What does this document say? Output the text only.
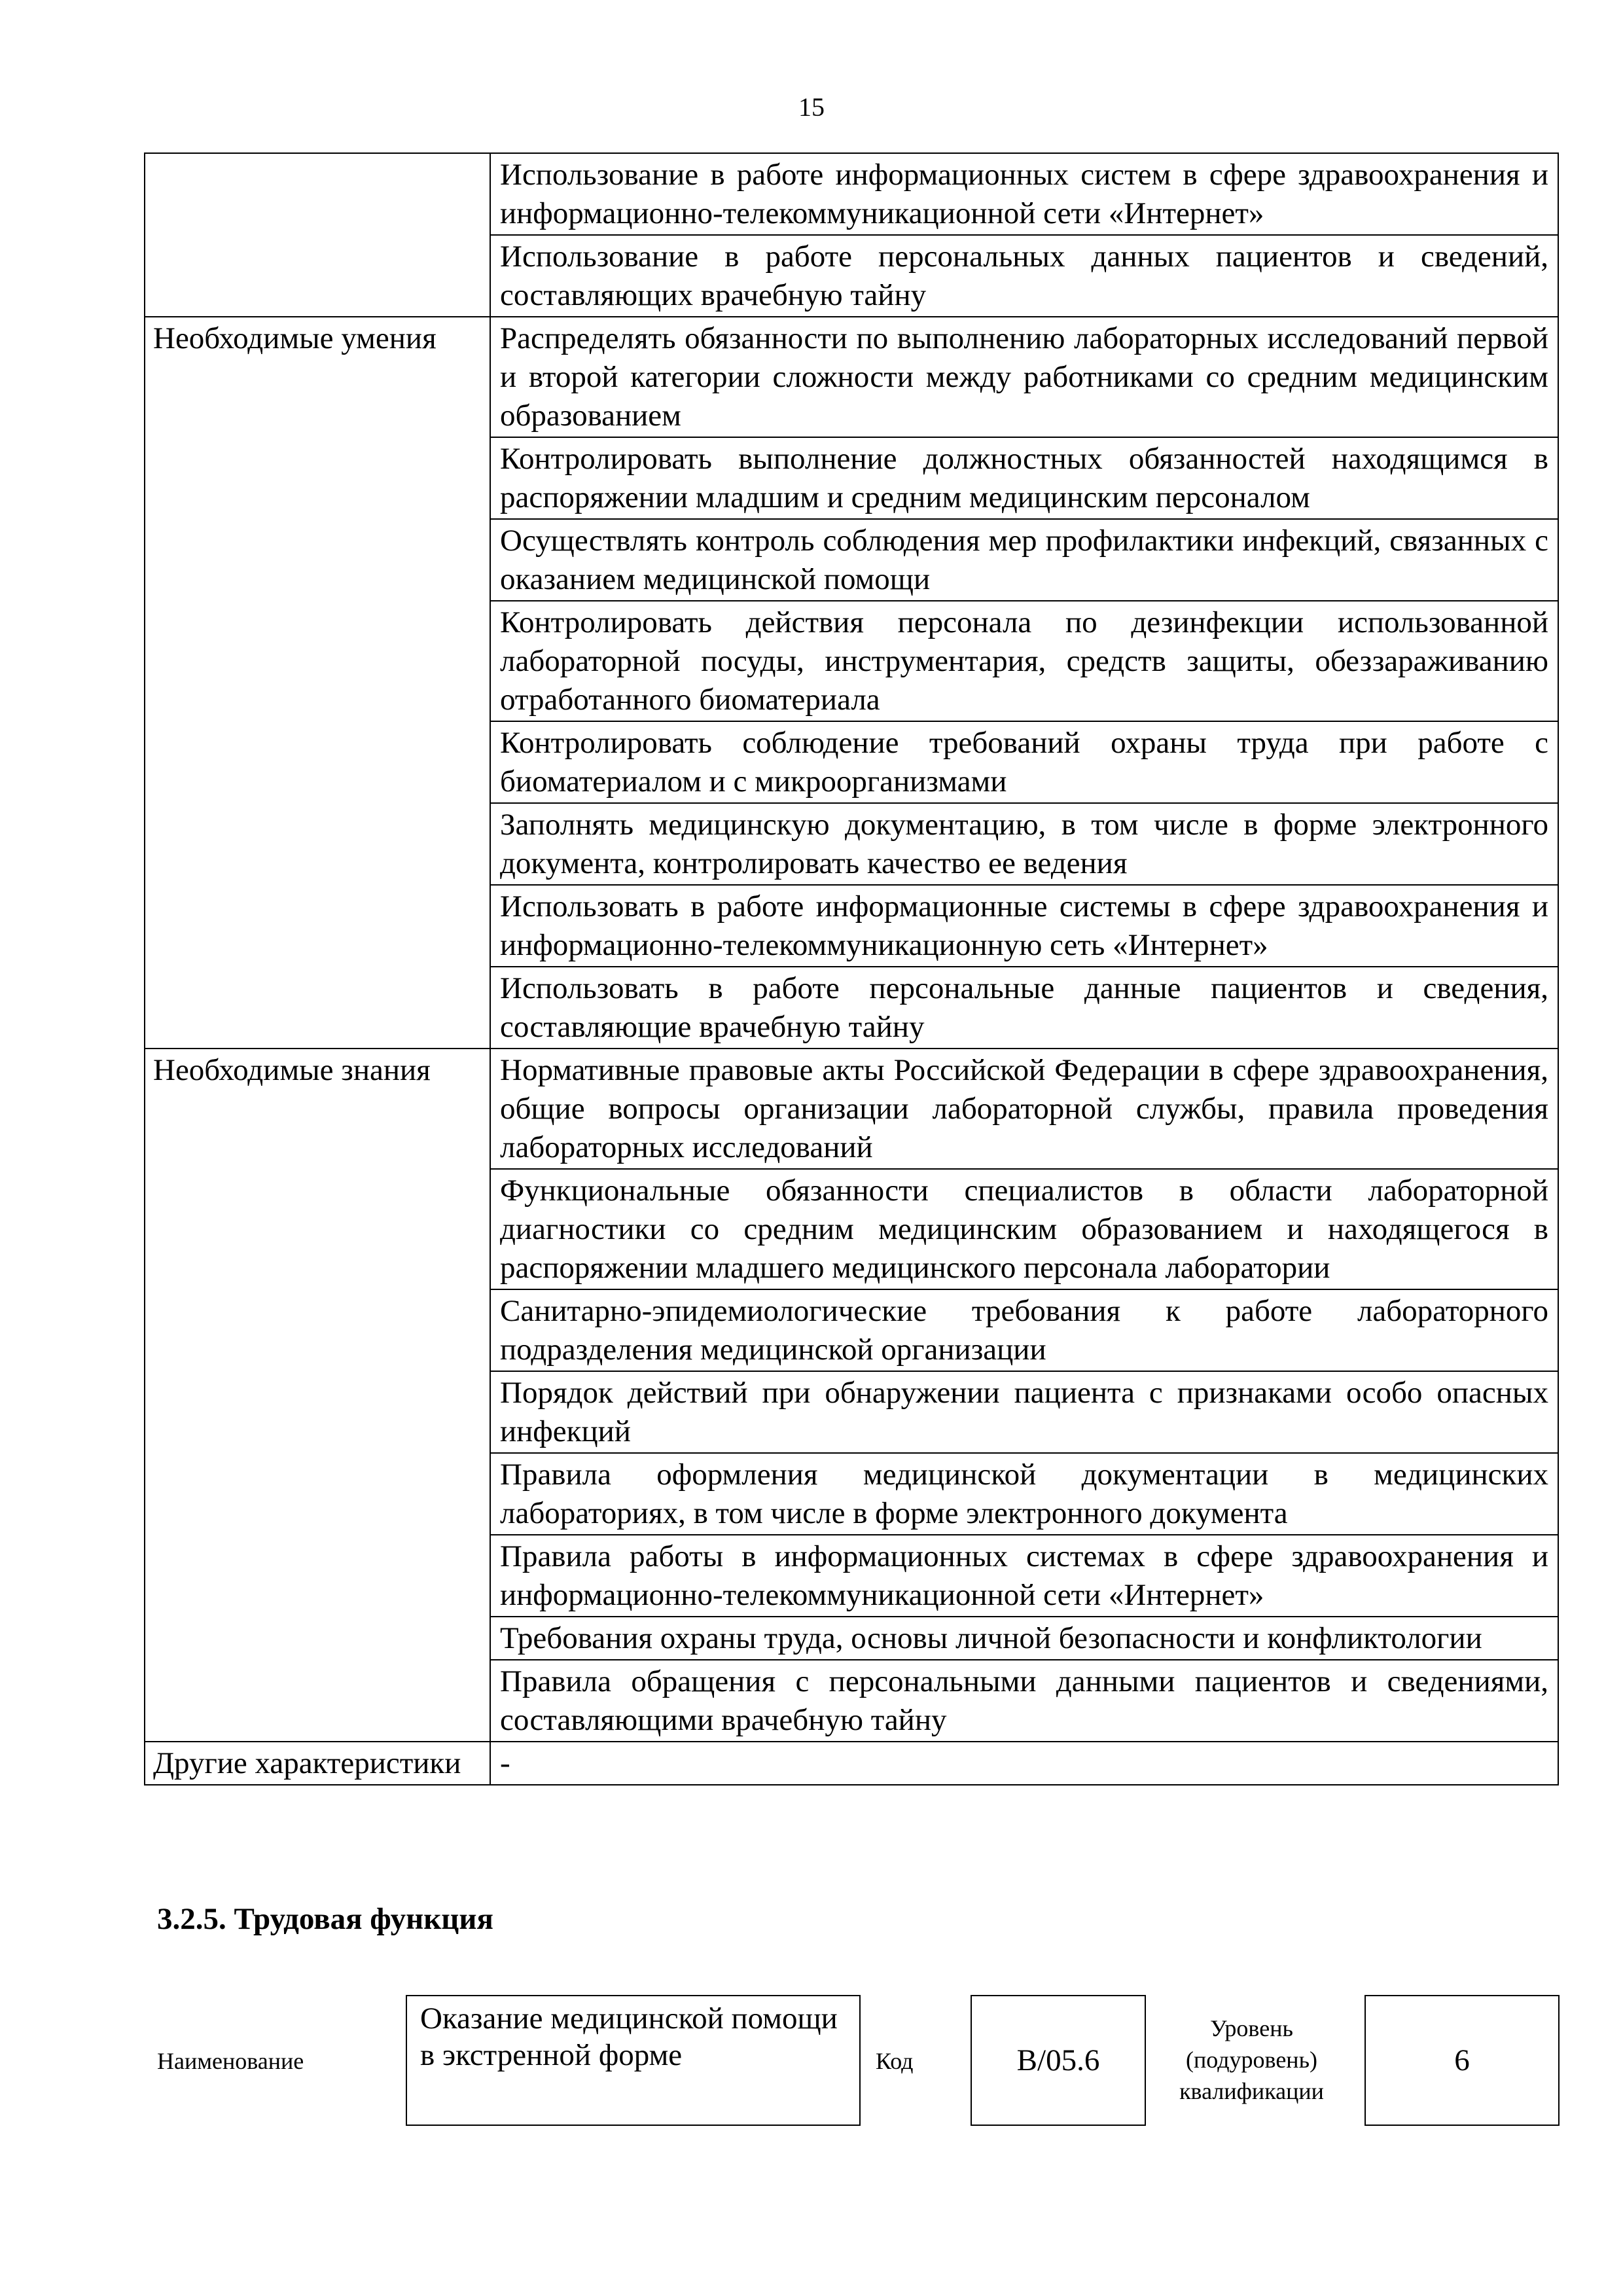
15
	Использование в работе информационных систем в сфере здравоохранения и информационно-телекоммуникационной сети «Интернет»
	Использование в работе персональных данных пациентов и сведений, составляющих врачебную тайну
Необходимые умения	Распределять обязанности по выполнению лабораторных исследований первой и второй категории сложности между работниками со средним медицинским образованием
	Контролировать выполнение должностных обязанностей находящимся в распоряжении младшим и средним медицинским персоналом
	Осуществлять контроль соблюдения мер профилактики инфекций, связанных с оказанием медицинской помощи
	Контролировать действия персонала по дезинфекции использованной лабораторной посуды, инструментария, средств защиты, обеззараживанию отработанного биоматериала
	Контролировать соблюдение требований охраны труда при работе с биоматериалом и с микроорганизмами
	Заполнять медицинскую документацию, в том числе в форме электронного документа, контролировать качество ее ведения
	Использовать в работе информационные системы в сфере здравоохранения и информационно-телекоммуникационную сеть «Интернет»
	Использовать в работе персональные данные пациентов и сведения, составляющие врачебную тайну
Необходимые знания	Нормативные правовые акты Российской Федерации в сфере здравоохранения, общие вопросы организации лабораторной службы, правила проведения лабораторных исследований
	Функциональные обязанности специалистов в области лабораторной диагностики со средним медицинским образованием и находящегося в распоряжении младшего медицинского персонала лаборатории
	Санитарно-эпидемиологические требования к работе лабораторного подразделения медицинской организации
	Порядок действий при обнаружении пациента с признаками особо опасных инфекций
	Правила оформления медицинской документации в медицинских лабораториях, в том числе в форме электронного документа
	Правила работы в информационных системах в сфере здравоохранения и информационно-телекоммуникационной сети «Интернет»
	Требования охраны труда, основы личной безопасности и конфликтологии
	Правила обращения с персональными данными пациентов и сведениями, составляющими врачебную тайну
Другие характеристики	-
3.2.5. Трудовая функция
Наименование
Оказание медицинской помощи в экстренной форме	Код	B/05.6
Уровень (подуровень) квалификации
6
